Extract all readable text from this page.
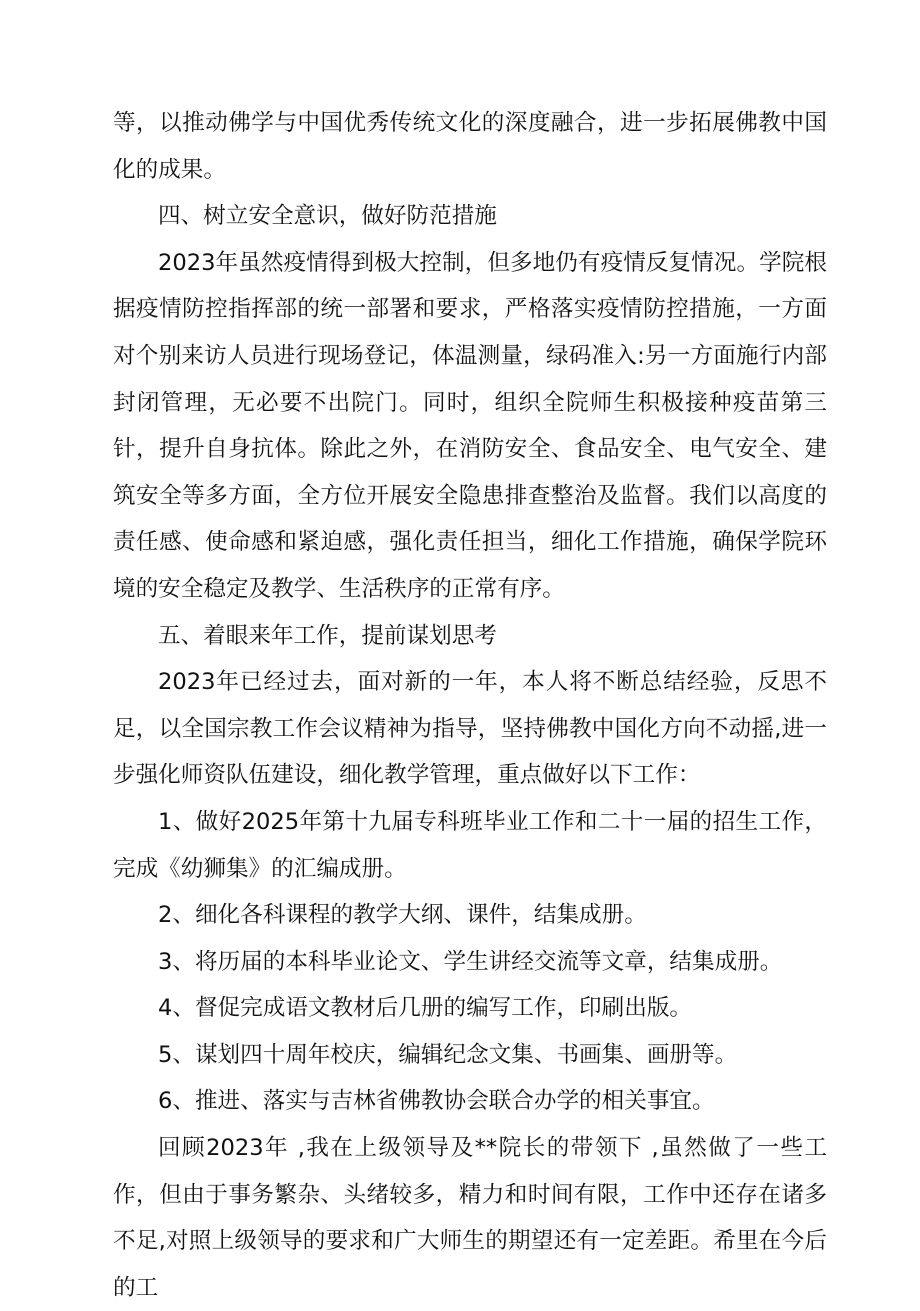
等，以推动佛学与中国优秀传统文化的深度融合，进一步拓展佛教中国化的成果。

四、树立安全意识，做好防范措施

2023年虽然疫情得到极大控制，但多地仍有疫情反复情况。学院根据疫情防控指挥部的统一部署和要求，严格落实疫情防控措施，一方面对个别来访人员进行现场登记，体温测量，绿码准入:另一方面施行内部封闭管理，无必要不出院门。同时，组织全院师生积极接种疫苗第三针，提升自身抗体。除此之外，在消防安全、食品安全、电气安全、建筑安全等多方面，全方位开展安全隐患排查整治及监督。我们以高度的责任感、使命感和紧迫感，强化责任担当，细化工作措施，确保学院环境的安全稳定及教学、生活秩序的正常有序。

五、着眼来年工作，提前谋划思考

2023年已经过去，面对新的一年，本人将不断总结经验，反思不足，以全国宗教工作会议精神为指导，坚持佛教中国化方向不动摇,进一步强化师资队伍建设，细化教学管理，重点做好以下工作：

1、做好2025年第十九届专科班毕业工作和二十一届的招生工作，完成《幼狮集》的汇编成册。

2、细化各科课程的教学大纲、课件，结集成册。

3、将历届的本科毕业论文、学生讲经交流等文章，结集成册。

4、督促完成语文教材后几册的编写工作，印刷出版。

5、谋划四十周年校庆，编辑纪念文集、书画集、画册等。

6、推进、落实与吉林省佛教协会联合办学的相关事宜。

回顾2023年 ,我在上级领导及**院长的带领下 ,虽然做了一些工作，但由于事务繁杂、头绪较多，精力和时间有限，工作中还存在诸多不足,对照上级领导的要求和广大师生的期望还有一定差距。希里在今后的工
